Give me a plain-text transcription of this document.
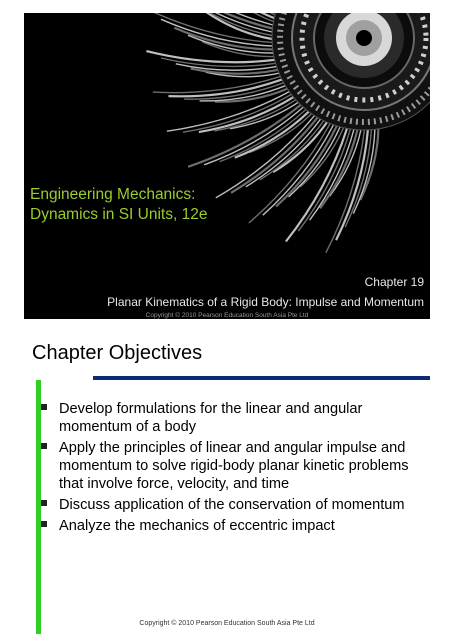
Engineering Mechanics:
Dynamics in SI Units, 12e
Chapter 19
Planar Kinematics of a Rigid Body: Impulse and Momentum
Copyright © 2010 Pearson Education South Asia Pte Ltd
Chapter Objectives
Develop formulations for the linear and angular momentum of a body
Apply the principles of linear and angular impulse and momentum to solve rigid-body planar kinetic problems that involve force, velocity, and time
Discuss application of the conservation of momentum
Analyze the mechanics of eccentric impact
Copyright © 2010 Pearson Education South Asia Pte Ltd
